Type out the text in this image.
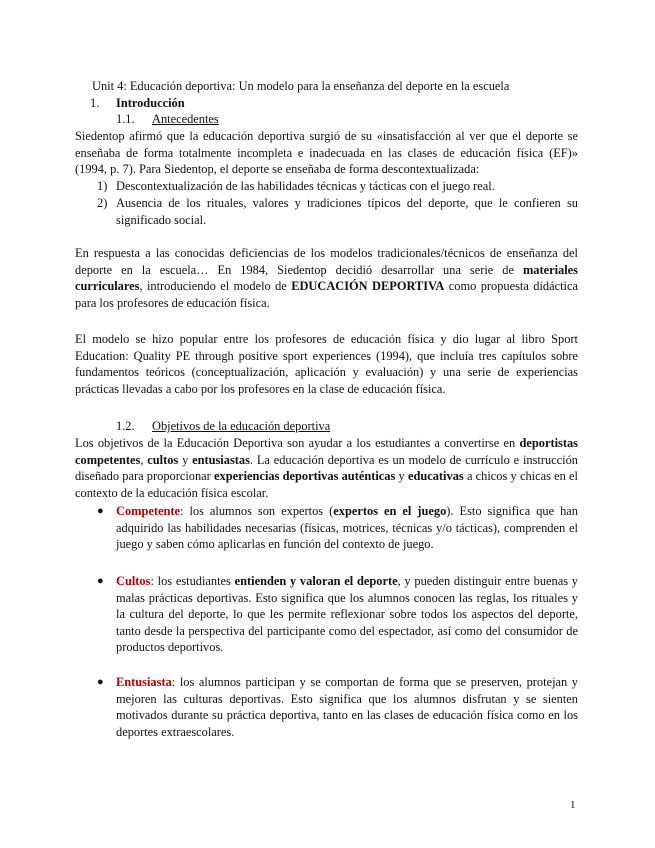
Unit 4: Educación deportiva: Un modelo para la enseñanza del deporte en la escuela
1. Introducción
1.1. Antecedentes
Siedentop afirmó que la educación deportiva surgió de su «insatisfacción al ver que el deporte se enseñaba de forma totalmente incompleta e inadecuada en las clases de educación física (EF)» (1994, p. 7). Para Siedentop, el deporte se enseñaba de forma descontextualizada:
1) Descontextualización de las habilidades técnicas y tácticas con el juego real.
2) Ausencia de los rituales, valores y tradiciones típicos del deporte, que le confieren su significado social.
En respuesta a las conocidas deficiencias de los modelos tradicionales/técnicos de enseñanza del deporte en la escuela… En 1984, Siedentop decidió desarrollar una serie de materiales curriculares, introduciendo el modelo de EDUCACIÓN DEPORTIVA como propuesta didáctica para los profesores de educación física.
El modelo se hizo popular entre los profesores de educación física y dio lugar al libro Sport Education: Quality PE through positive sport experiences (1994), que incluía tres capítulos sobre fundamentos teóricos (conceptualización, aplicación y evaluación) y una serie de experiencias prácticas llevadas a cabo por los profesores en la clase de educación física.
1.2. Objetivos de la educación deportiva
Los objetivos de la Educación Deportiva son ayudar a los estudiantes a convertirse en deportistas competentes, cultos y entusiastas. La educación deportiva es un modelo de currículo e instrucción diseñado para proporcionar experiencias deportivas auténticas y educativas a chicos y chicas en el contexto de la educación física escolar.
● Competente: los alumnos son expertos (expertos en el juego). Esto significa que han adquirido las habilidades necesarias (físicas, motrices, técnicas y/o tácticas), comprenden el juego y saben cómo aplicarlas en función del contexto de juego.
● Cultos: los estudiantes entienden y valoran el deporte, y pueden distinguir entre buenas y malas prácticas deportivas. Esto significa que los alumnos conocen las reglas, los rituales y la cultura del deporte, lo que les permite reflexionar sobre todos los aspectos del deporte, tanto desde la perspectiva del participante como del espectador, así como del consumidor de productos deportivos.
● Entusiasta: los alumnos participan y se comportan de forma que se preserven, protejan y mejoren las culturas deportivas. Esto significa que los alumnos disfrutan y se sienten motivados durante su práctica deportiva, tanto en las clases de educación física como en los deportes extraescolares.
1
